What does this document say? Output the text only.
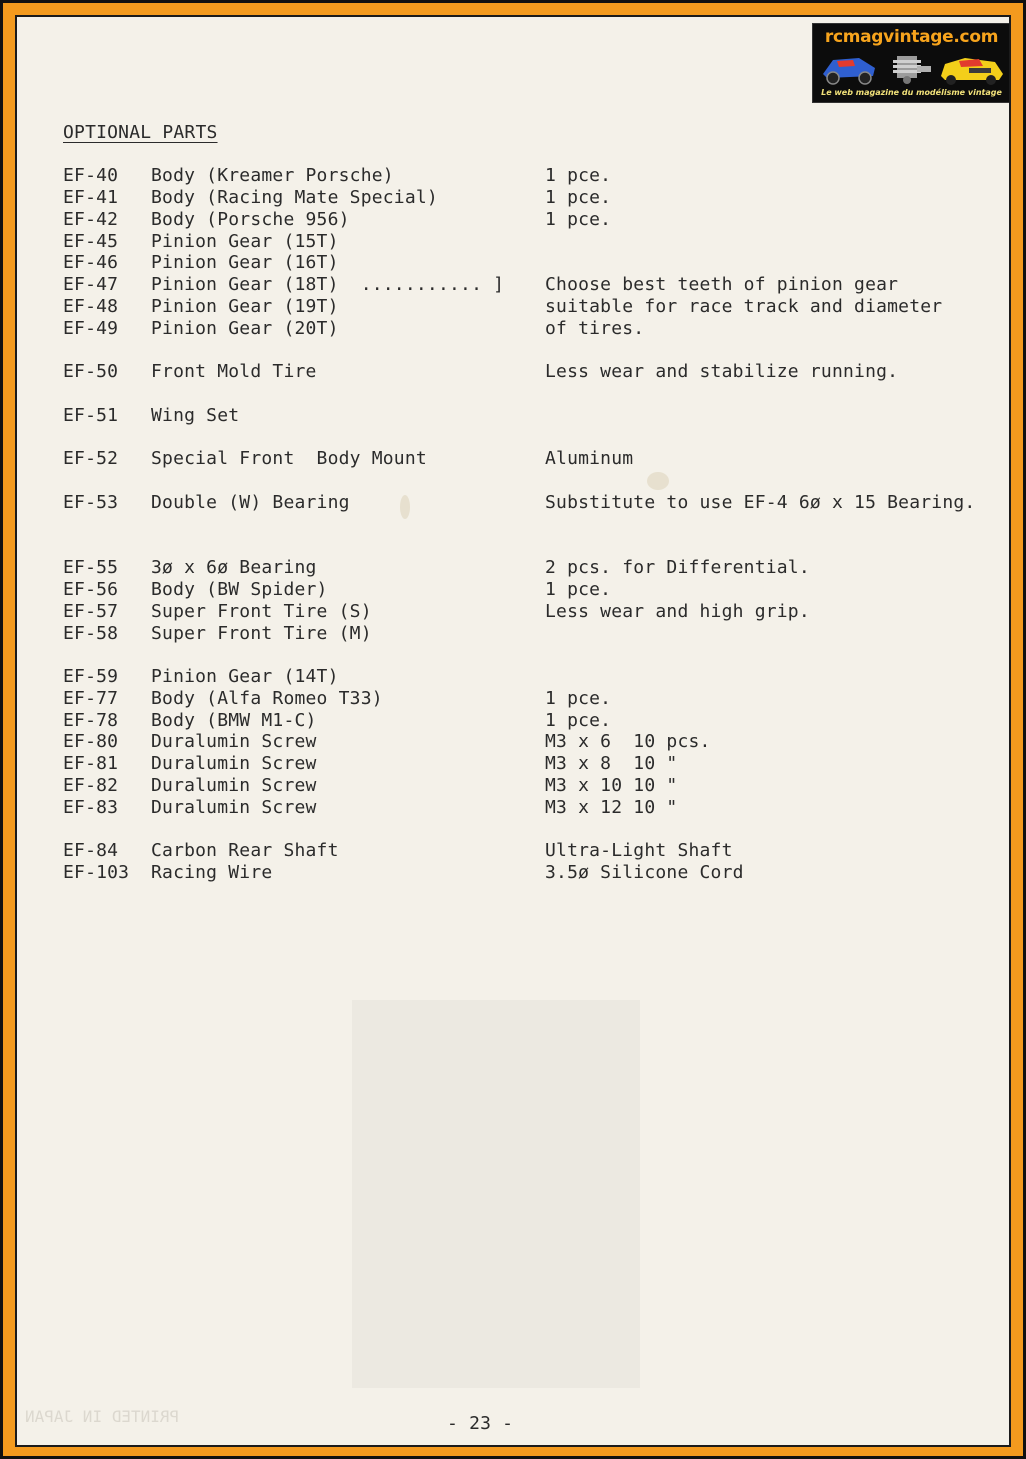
rcmagvintage.com
Le web magazine du modélisme vintage
OPTIONAL PARTS
EF-40 Body (Kreamer Porsche)	1 pce.
EF-41 Body (Racing Mate Special)	1 pce.
EF-42 Body (Porsche 956)	1 pce.
EF-45 Pinion Gear (15T)
EF-46 Pinion Gear (16T)
EF-47 Pinion Gear (18T)  ........... ] Choose best teeth of pinion gear
EF-48 Pinion Gear (19T)	suitable for race track and diameter
EF-49 Pinion Gear (20T)	of tires.
EF-50 Front Mold Tire	Less wear and stabilize running.
EF-51 Wing Set
EF-52 Special Front  Body Mount	Aluminum
EF-53 Double (W) Bearing	Substitute to use EF-4 6ø x 15 Bearing.
EF-55 3ø x 6ø Bearing	2 pcs. for Differential.
EF-56 Body (BW Spider)	1 pce.
EF-57 Super Front Tire (S)	Less wear and high grip.
EF-58 Super Front Tire (M)
EF-59 Pinion Gear (14T)
EF-77 Body (Alfa Romeo T33)	1 pce.
EF-78 Body (BMW M1-C)	1 pce.
EF-80 Duralumin Screw	M3 x 6  10 pcs.
EF-81 Duralumin Screw	M3 x 8  10 "
EF-82 Duralumin Screw	M3 x 10 10 "
EF-83 Duralumin Screw	M3 x 12 10 "
EF-84 Carbon Rear Shaft	Ultra-Light Shaft
EF-103 Racing Wire	3.5ø Silicone Cord
PRINTED IN JAPAN	- 23 -
